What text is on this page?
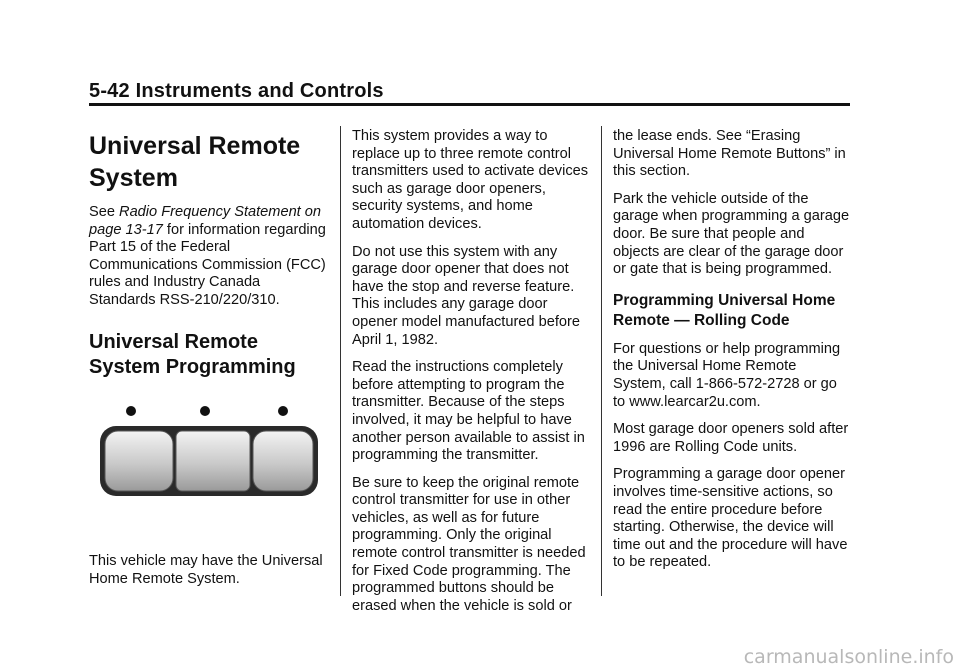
5-42 Instruments and Controls
Universal Remote System

See Radio Frequency Statement on page 13-17 for information regarding Part 15 of the Federal Communications Commission (FCC) rules and Industry Canada Standards RSS-210/220/310.

Universal Remote System Programming

This vehicle may have the Universal Home Remote System.

This system provides a way to replace up to three remote control transmitters used to activate devices such as garage door openers, security systems, and home automation devices.

Do not use this system with any garage door opener that does not have the stop and reverse feature. This includes any garage door opener model manufactured before April 1, 1982.

Read the instructions completely before attempting to program the transmitter. Because of the steps involved, it may be helpful to have another person available to assist in programming the transmitter.

Be sure to keep the original remote control transmitter for use in other vehicles, as well as for future programming. Only the original remote control transmitter is needed for Fixed Code programming. The programmed buttons should be erased when the vehicle is sold or

the lease ends. See “Erasing Universal Home Remote Buttons” in this section.

Park the vehicle outside of the garage when programming a garage door. Be sure that people and objects are clear of the garage door or gate that is being programmed.

Programming Universal Home Remote — Rolling Code

For questions or help programming the Universal Home Remote System, call 1-866-572-2728 or go to www.learcar2u.com.

Most garage door openers sold after 1996 are Rolling Code units.

Programming a garage door opener involves time-sensitive actions, so read the entire procedure before starting. Otherwise, the device will time out and the procedure will have to be repeated.

carmanualsonline.info
